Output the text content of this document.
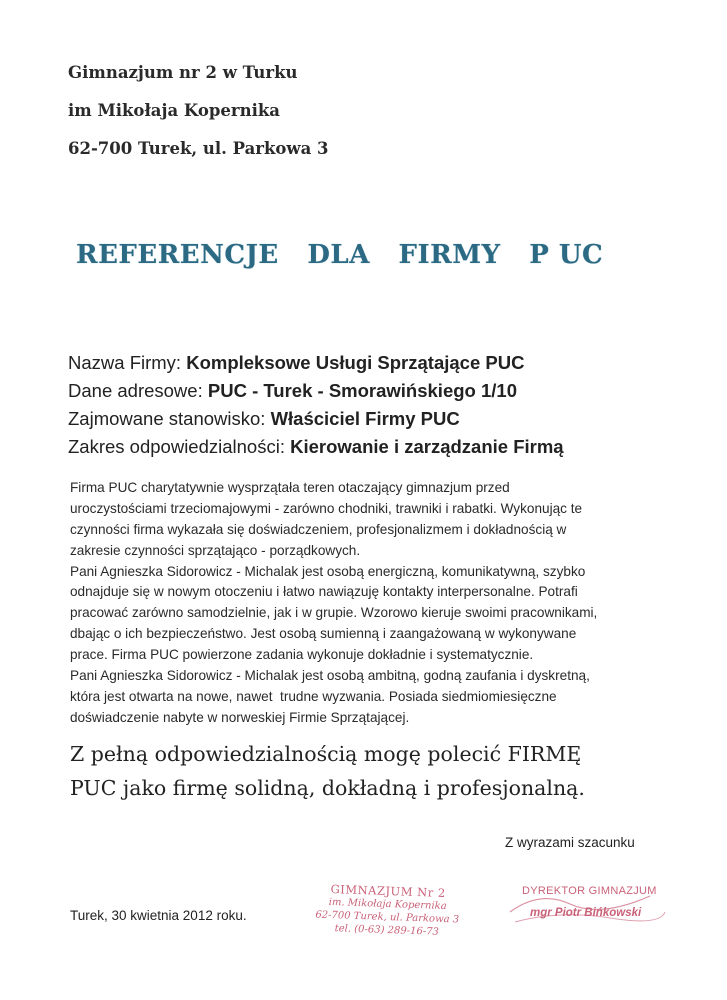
Gimnazjum nr 2 w Turku
im Mikołaja Kopernika
62-700 Turek, ul. Parkowa 3
REFERENCJE   DLA   FIRMY   P UC
Nazwa Firmy: Kompleksowe Usługi Sprzątające PUC
Dane adresowe: PUC - Turek - Smorawińskiego 1/10
Zajmowane stanowisko: Właściciel Firmy PUC
Zakres odpowiedzialności: Kierowanie i zarządzanie Firmą
Firma PUC charytatywnie wysprzątała teren otaczający gimnazjum przed
uroczystościami trzeciomajowymi - zarówno chodniki, trawniki i rabatki. Wykonując te
czynności firma wykazała się doświadczeniem, profesjonalizmem i dokładnością w
zakresie czynności sprzątająco - porządkowych.
Pani Agnieszka Sidorowicz - Michalak jest osobą energiczną, komunikatywną, szybko
odnajduje się w nowym otoczeniu i łatwo nawiązuję kontakty interpersonalne. Potrafi
pracować zarówno samodzielnie, jak i w grupie. Wzorowo kieruje swoimi pracownikami,
dbając o ich bezpieczeństwo. Jest osobą sumienną i zaangażowaną w wykonywane
prace. Firma PUC powierzone zadania wykonuje dokładnie i systematycznie.
Pani Agnieszka Sidorowicz - Michalak jest osobą ambitną, godną zaufania i dyskretną,
która jest otwarta na nowe, nawet  trudne wyzwania. Posiada siedmiomiesięczne
doświadczenie nabyte w norweskiej Firmie Sprzątającej.
Z pełną odpowiedzialnością mogę polecić FIRMĘ
PUC jako firmę solidną, dokładną i profesjonalną.
Z wyrazami szacunku
Turek, 30 kwietnia 2012 roku.
GIMNAZJUM Nr 2
im. Mikołaja Kopernika
62-700 Turek, ul. Parkowa 3
tel. (0-63) 289-16-73
DYREKTOR GIMNAZJUM
mgr Piotr Bińkowski
